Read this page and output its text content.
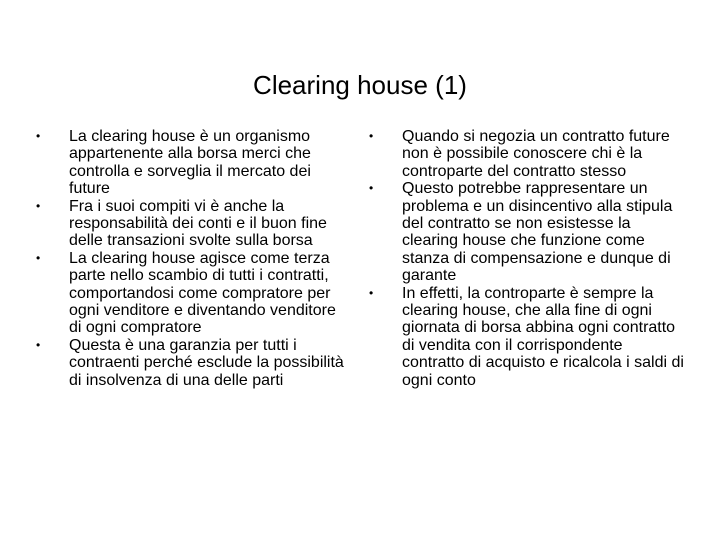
Clearing house (1)
•	La clearing house è un organismo appartenente alla borsa merci che controlla e sorveglia il mercato dei future
•	Fra i suoi compiti vi è anche la responsabilità dei conti e il buon fine delle transazioni svolte sulla borsa
•	La clearing house agisce come terza parte nello scambio di tutti i contratti, comportandosi come compratore per ogni venditore e diventando venditore di ogni compratore
•	Questa è una garanzia per tutti i contraenti perché esclude la possibilità di insolvenza di una delle parti
•	Quando si negozia un contratto future non è possibile conoscere chi è la controparte del contratto stesso
•	Questo potrebbe rappresentare un problema e un disincentivo alla stipula del contratto se non esistesse la clearing house che funzione come stanza di compensazione e dunque di garante
•	In effetti, la controparte è sempre la clearing house, che alla fine di ogni giornata di borsa abbina ogni contratto di vendita con il corrispondente contratto di acquisto e ricalcola i saldi di ogni conto
